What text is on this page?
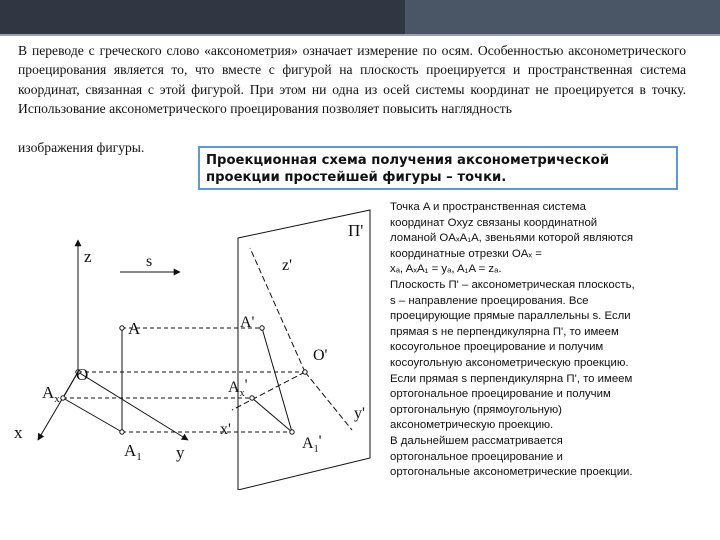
В переводе с греческого слово «аксонометрия» означает измерение по осям. Особенностью аксонометрического проецирования является то, что вместе с фигурой на плоскость проецируется и пространственная система координат, связанная с этой фигурой. При этом ни одна из осей системы координат не проецируется в точку. Использование аксонометрического проецирования позволяет повысить наглядность

изображения фигуры.

Проекционная схема получения аксонометрической
проекции простейшей фигуры – точки.
Точка A и пространственная система
координат Oxyz связаны координатной
ломаной OAₓA₁A, звеньями которой являются
координатные отрезки OAₓ =
xₐ, AₓA₁ = yₐ, A₁A = zₐ.
Плоскость П' – аксонометрическая плоскость,
s – направление проецирования. Все
проецирующие прямые параллельны s. Если
прямая s не перпендикулярна П', то имеем
косоугольное проецирование и получим
косоугольную аксонометрическую проекцию.
Если прямая s перпендикулярна П', то имеем
ортогональное проецирование и получим
ортогональную (прямоугольную)
аксонометрическую проекцию.
В дальнейшем рассматривается
ортогональное проецирование и
ортогональные аксонометрические проекции.
z	s
A
O
$A_x$
x
$A_1$ y
П'
z'
A'
O'
$A_x'$
x'
$A_1'$
y'
